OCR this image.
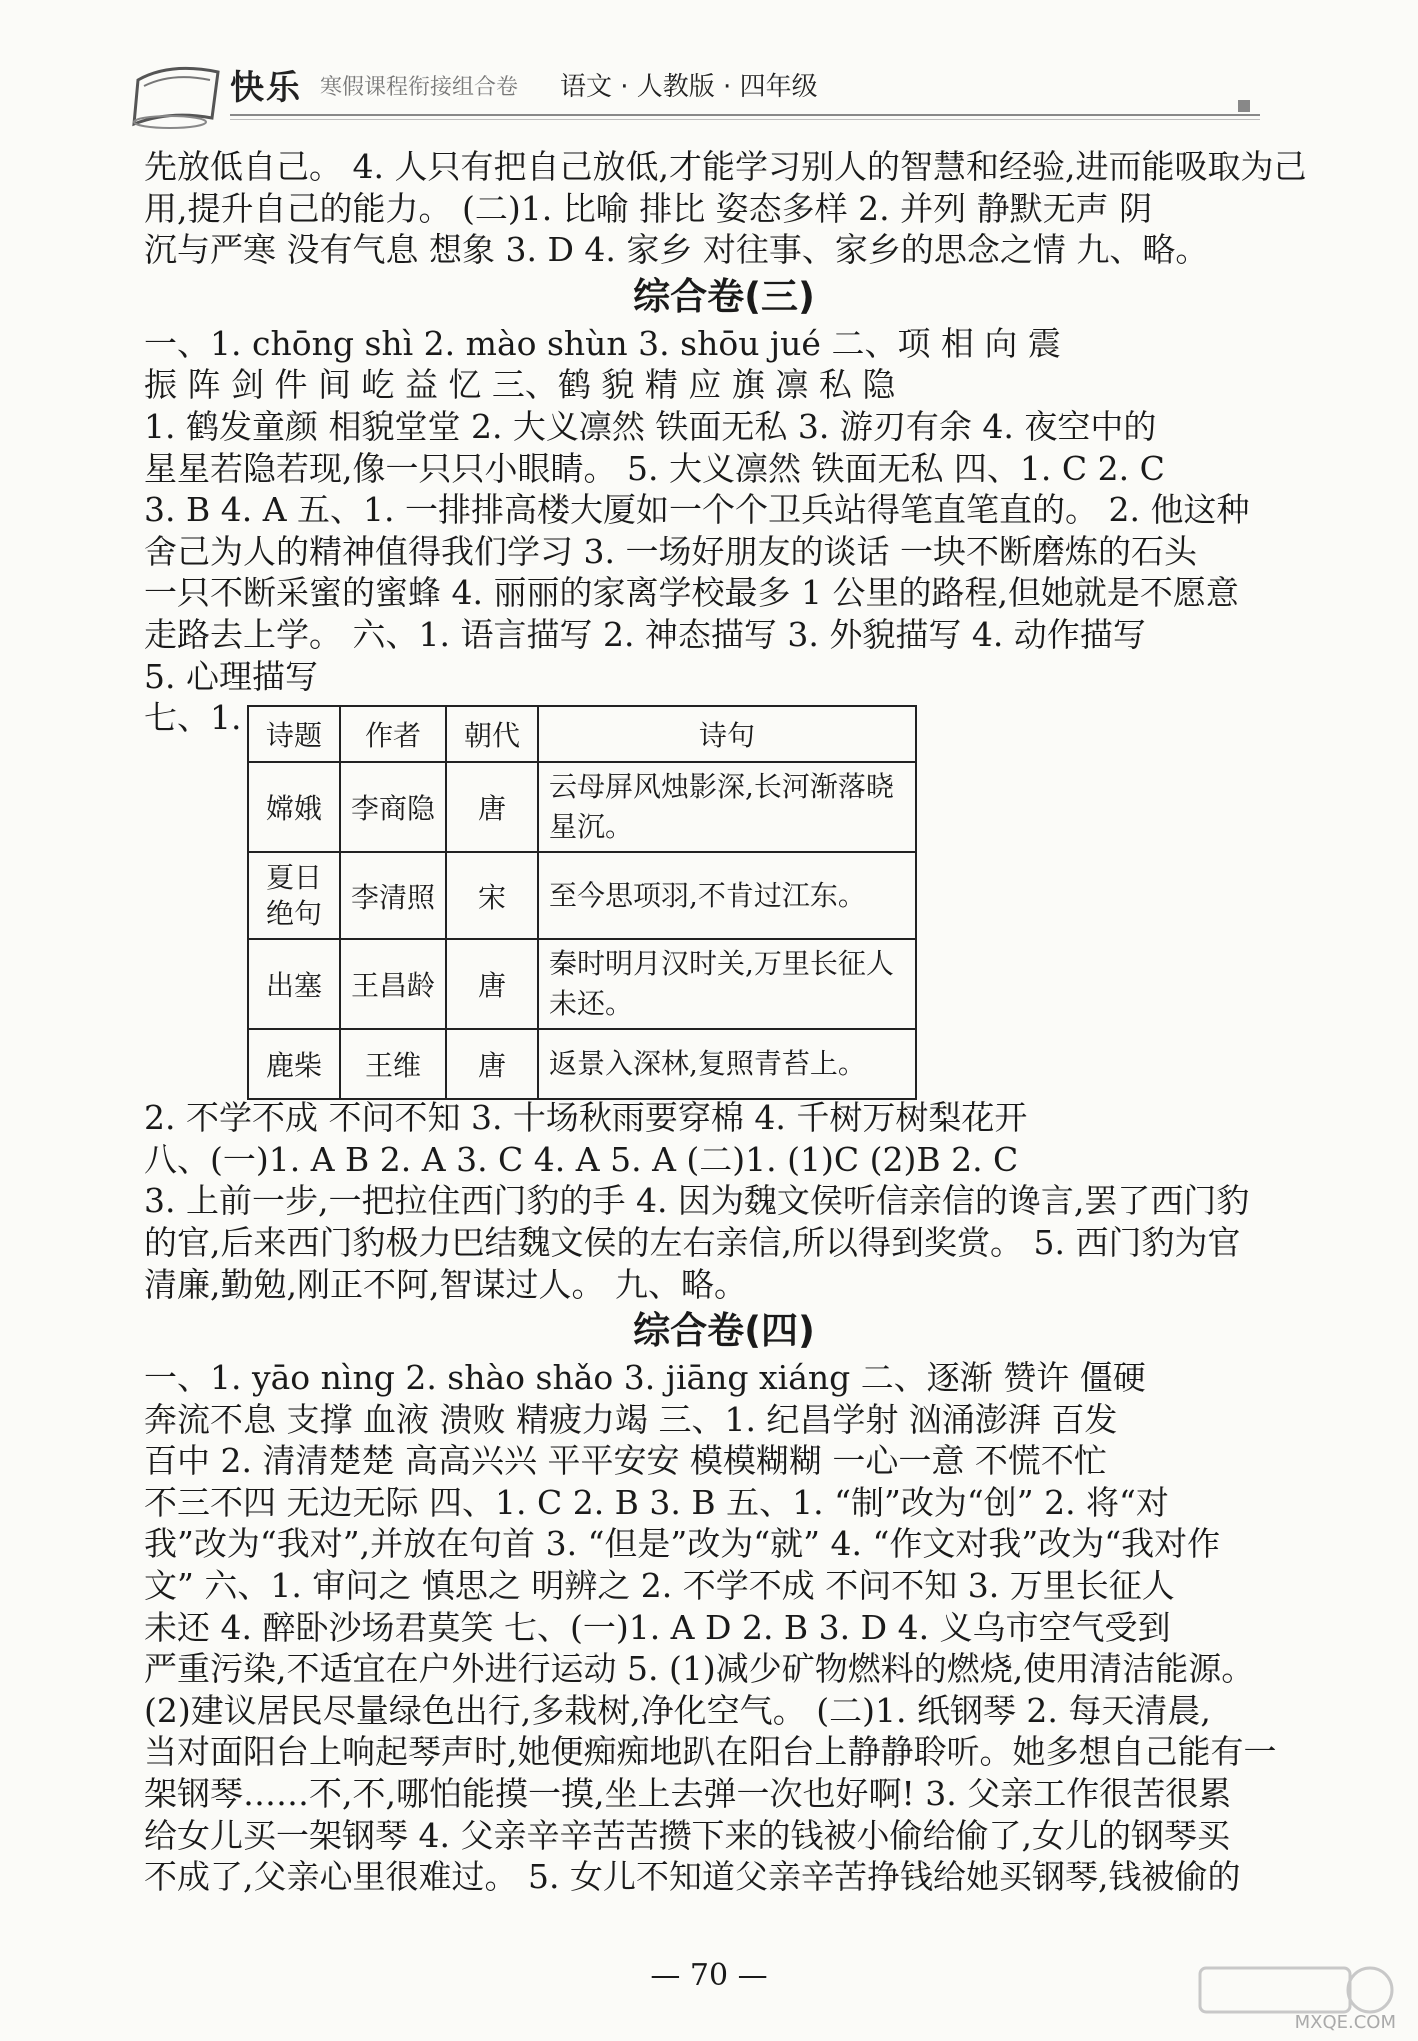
快乐 寒假课程衔接组合卷 语文 · 人教版 · 四年级
先放低自己。 4. 人只有把自己放低,才能学习别人的智慧和经验,进而能吸取为己
用,提升自己的能力。 (二)1. 比喻 排比 姿态多样 2. 并列 静默无声 阴
沉与严寒 没有气息 想象 3. D 4. 家乡 对往事、家乡的思念之情 九、略。
综合卷(三)
一、1. chōng shì 2. mào shùn 3. shōu jué 二、项 相 向 震
振 阵 剑 件 间 屹 益 忆 三、鹤 貌 精 应 旗 凛 私 隐
1. 鹤发童颜 相貌堂堂 2. 大义凛然 铁面无私 3. 游刃有余 4. 夜空中的
星星若隐若现,像一只只小眼睛。 5. 大义凛然 铁面无私 四、1. C 2. C
3. B 4. A 五、1. 一排排高楼大厦如一个个卫兵站得笔直笔直的。 2. 他这种
舍己为人的精神值得我们学习 3. 一场好朋友的谈话 一块不断磨炼的石头
一只不断采蜜的蜜蜂 4. 丽丽的家离学校最多 1 公里的路程,但她就是不愿意
走路去上学。 六、1. 语言描写 2. 神态描写 3. 外貌描写 4. 动作描写
5. 心理描写
七、1. 诗题	作者	朝代	诗句
嫦娥	李商隐	唐	云母屏风烛影深,长河渐落晓星沉。
夏日绝句	李清照	宋	至今思项羽,不肯过江东。
出塞	王昌龄	唐	秦时明月汉时关,万里长征人未还。
鹿柴	王维	唐	返景入深林,复照青苔上。
2. 不学不成 不问不知 3. 十场秋雨要穿棉 4. 千树万树梨花开
八、(一)1. A B 2. A 3. C 4. A 5. A (二)1. (1)C (2)B 2. C
3. 上前一步,一把拉住西门豹的手 4. 因为魏文侯听信亲信的谗言,罢了西门豹
的官,后来西门豹极力巴结魏文侯的左右亲信,所以得到奖赏。 5. 西门豹为官
清廉,勤勉,刚正不阿,智谋过人。 九、略。
综合卷(四)
一、1. yāo nìng 2. shào shǎo 3. jiāng xiáng 二、逐渐 赞许 僵硬
奔流不息 支撑 血液 溃败 精疲力竭 三、1. 纪昌学射 汹涌澎湃 百发
百中 2. 清清楚楚 高高兴兴 平平安安 模模糊糊 一心一意 不慌不忙
不三不四 无边无际 四、1. C 2. B 3. B 五、1. “制”改为“创” 2. 将“对
我”改为“我对”,并放在句首 3. “但是”改为“就” 4. “作文对我”改为“我对作
文” 六、1. 审问之 慎思之 明辨之 2. 不学不成 不问不知 3. 万里长征人
未还 4. 醉卧沙场君莫笑 七、(一)1. A D 2. B 3. D 4. 义乌市空气受到
严重污染,不适宜在户外进行运动 5. (1)减少矿物燃料的燃烧,使用清洁能源。
(2)建议居民尽量绿色出行,多栽树,净化空气。 (二)1. 纸钢琴 2. 每天清晨,
当对面阳台上响起琴声时,她便痴痴地趴在阳台上静静聆听。她多想自己能有一
架钢琴……不,不,哪怕能摸一摸,坐上去弹一次也好啊! 3. 父亲工作很苦很累
给女儿买一架钢琴 4. 父亲辛辛苦苦攒下来的钱被小偷给偷了,女儿的钢琴买
不成了,父亲心里很难过。 5. 女儿不知道父亲辛苦挣钱给她买钢琴,钱被偷的
— 70 —
MXQE.COM
